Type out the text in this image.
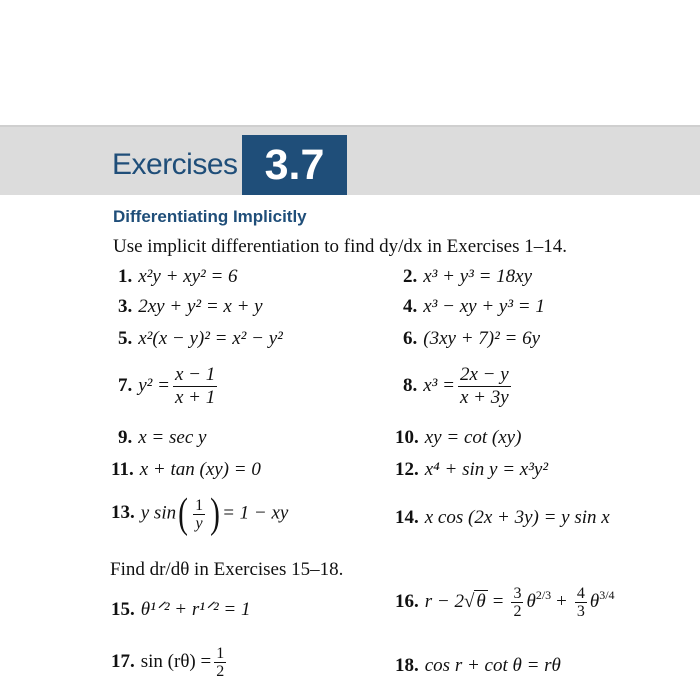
Exercises 3.7
Differentiating Implicitly
Use implicit differentiation to find dy/dx in Exercises 1–14.
1. x²y + xy² = 6	2. x³ + y³ = 18xy
3. 2xy + y² = x + y	4. x³ − xy + y³ = 1
5. x²(x − y)² = x² − y²	6. (3xy + 7)² = 6y
7. $y^2 = \frac{x - 1}{x + 1}$	8. $x^3 = \frac{2x - y}{x + 3y}$
9. x = sec y	10. xy = cot (xy)
11. x + tan (xy) = 0	12. x⁴ + sin y = x³y²
13. y $\sin( \frac{1}{y}$ ) = 1 − xy	14. x cos (2x + 3y) = y sin x
Find dr/dθ in Exercises 15–18.
15. θ¹ᐟ² + r¹ᐟ² = 1	16. r − 2√ $\theta = \frac{3}{2} \theta^{2/3} + \frac{4}{3} \theta^{3/4}$
17. $\sin (r\theta) = \frac{1}{2}$	18. cos r + cot θ = rθ
